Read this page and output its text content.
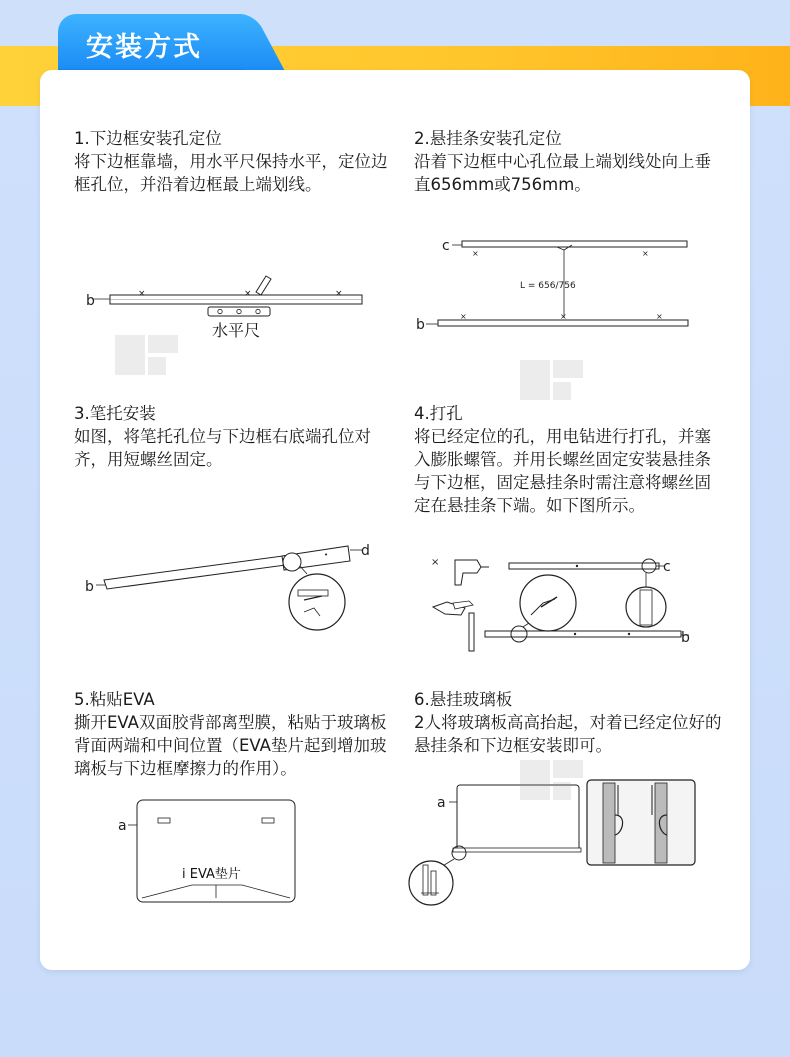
安装方式
1.下边框安装孔定位
将下边框靠墙，用水平尺保持水平，定位边框孔位，并沿着边框最上端划线。
2.悬挂条安装孔定位
沿着下边框中心孔位最上端划线处向上垂直656mm或756mm。
3.笔托安装
如图，将笔托孔位与下边框右底端孔位对齐，用短螺丝固定。
4.打孔
将已经定位的孔，用电钻进行打孔，并塞入膨胀螺管。并用长螺丝固定安装悬挂条与下边框，固定悬挂条时需注意将螺丝固定在悬挂条下端。如下图所示。
5.粘贴EVA
撕开EVA双面胶背部离型膜，粘贴于玻璃板背面两端和中间位置（EVA垫片起到增加玻璃板与下边框摩擦力的作用）。
6.悬挂玻璃板
2人将玻璃板高高抬起，对着已经定位好的悬挂条和下边框安装即可。
b	×	×	×
水平尺
c	×	×
L = 656/756
b
×	×	×
d
b
•
×	c
b
a
i EVA垫片
a
